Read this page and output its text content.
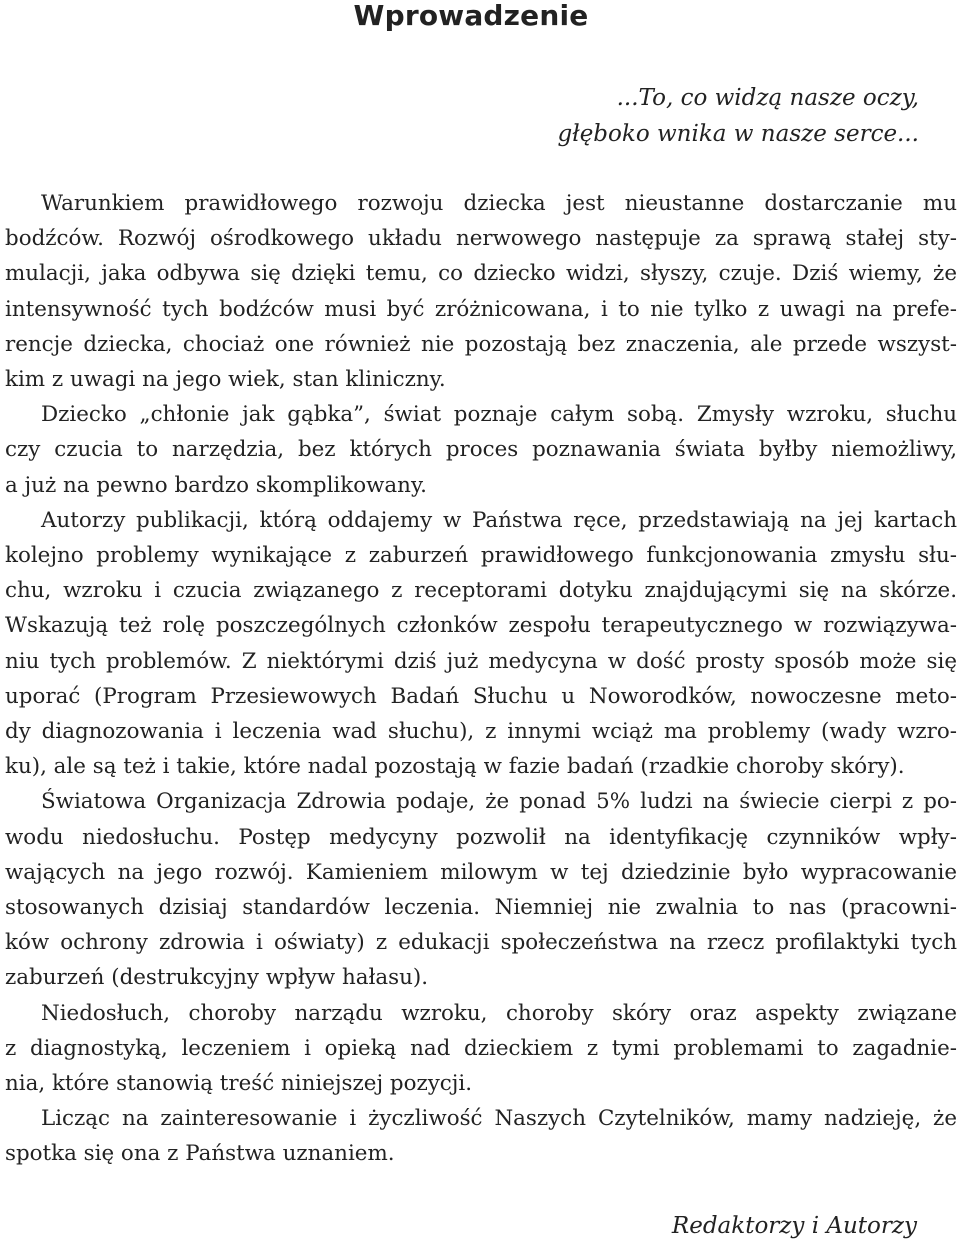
Wprowadzenie
...To, co widzą nasze oczy,
głęboko wnika w nasze serce...
Warunkiem prawidłowego rozwoju dziecka jest nieustanne dostarczanie mu
bodźców. Rozwój ośrodkowego układu nerwowego następuje za sprawą stałej sty-
mulacji, jaka odbywa się dzięki temu, co dziecko widzi, słyszy, czuje. Dziś wiemy, że
intensywność tych bodźców musi być zróżnicowana, i to nie tylko z uwagi na prefe-
rencje dziecka, chociaż one również nie pozostają bez znaczenia, ale przede wszyst-
kim z uwagi na jego wiek, stan kliniczny.
Dziecko „chłonie jak gąbka”, świat poznaje całym sobą. Zmysły wzroku, słuchu
czy czucia to narzędzia, bez których proces poznawania świata byłby niemożliwy,
a już na pewno bardzo skomplikowany.
Autorzy publikacji, którą oddajemy w Państwa ręce, przedstawiają na jej kartach
kolejno problemy wynikające z zaburzeń prawidłowego funkcjonowania zmysłu słu-
chu, wzroku i czucia związanego z receptorami dotyku znajdującymi się na skórze.
Wskazują też rolę poszczególnych członków zespołu terapeutycznego w rozwiązywa-
niu tych problemów. Z niektórymi dziś już medycyna w dość prosty sposób może się
uporać (Program Przesiewowych Badań Słuchu u Noworodków, nowoczesne meto-
dy diagnozowania i leczenia wad słuchu), z innymi wciąż ma problemy (wady wzro-
ku), ale są też i takie, które nadal pozostają w fazie badań (rzadkie choroby skóry).
Światowa Organizacja Zdrowia podaje, że ponad 5% ludzi na świecie cierpi z po-
wodu niedosłuchu. Postęp medycyny pozwolił na identyfikację czynników wpły-
wających na jego rozwój. Kamieniem milowym w tej dziedzinie było wypracowanie
stosowanych dzisiaj standardów leczenia. Niemniej nie zwalnia to nas (pracowni-
ków ochrony zdrowia i oświaty) z edukacji społeczeństwa na rzecz profilaktyki tych
zaburzeń (destrukcyjny wpływ hałasu).
Niedosłuch, choroby narządu wzroku, choroby skóry oraz aspekty związane
z diagnostyką, leczeniem i opieką nad dzieckiem z tymi problemami to zagadnie-
nia, które stanowią treść niniejszej pozycji.
Licząc na zainteresowanie i życzliwość Naszych Czytelników, mamy nadzieję, że
spotka się ona z Państwa uznaniem.
Redaktorzy i Autorzy
